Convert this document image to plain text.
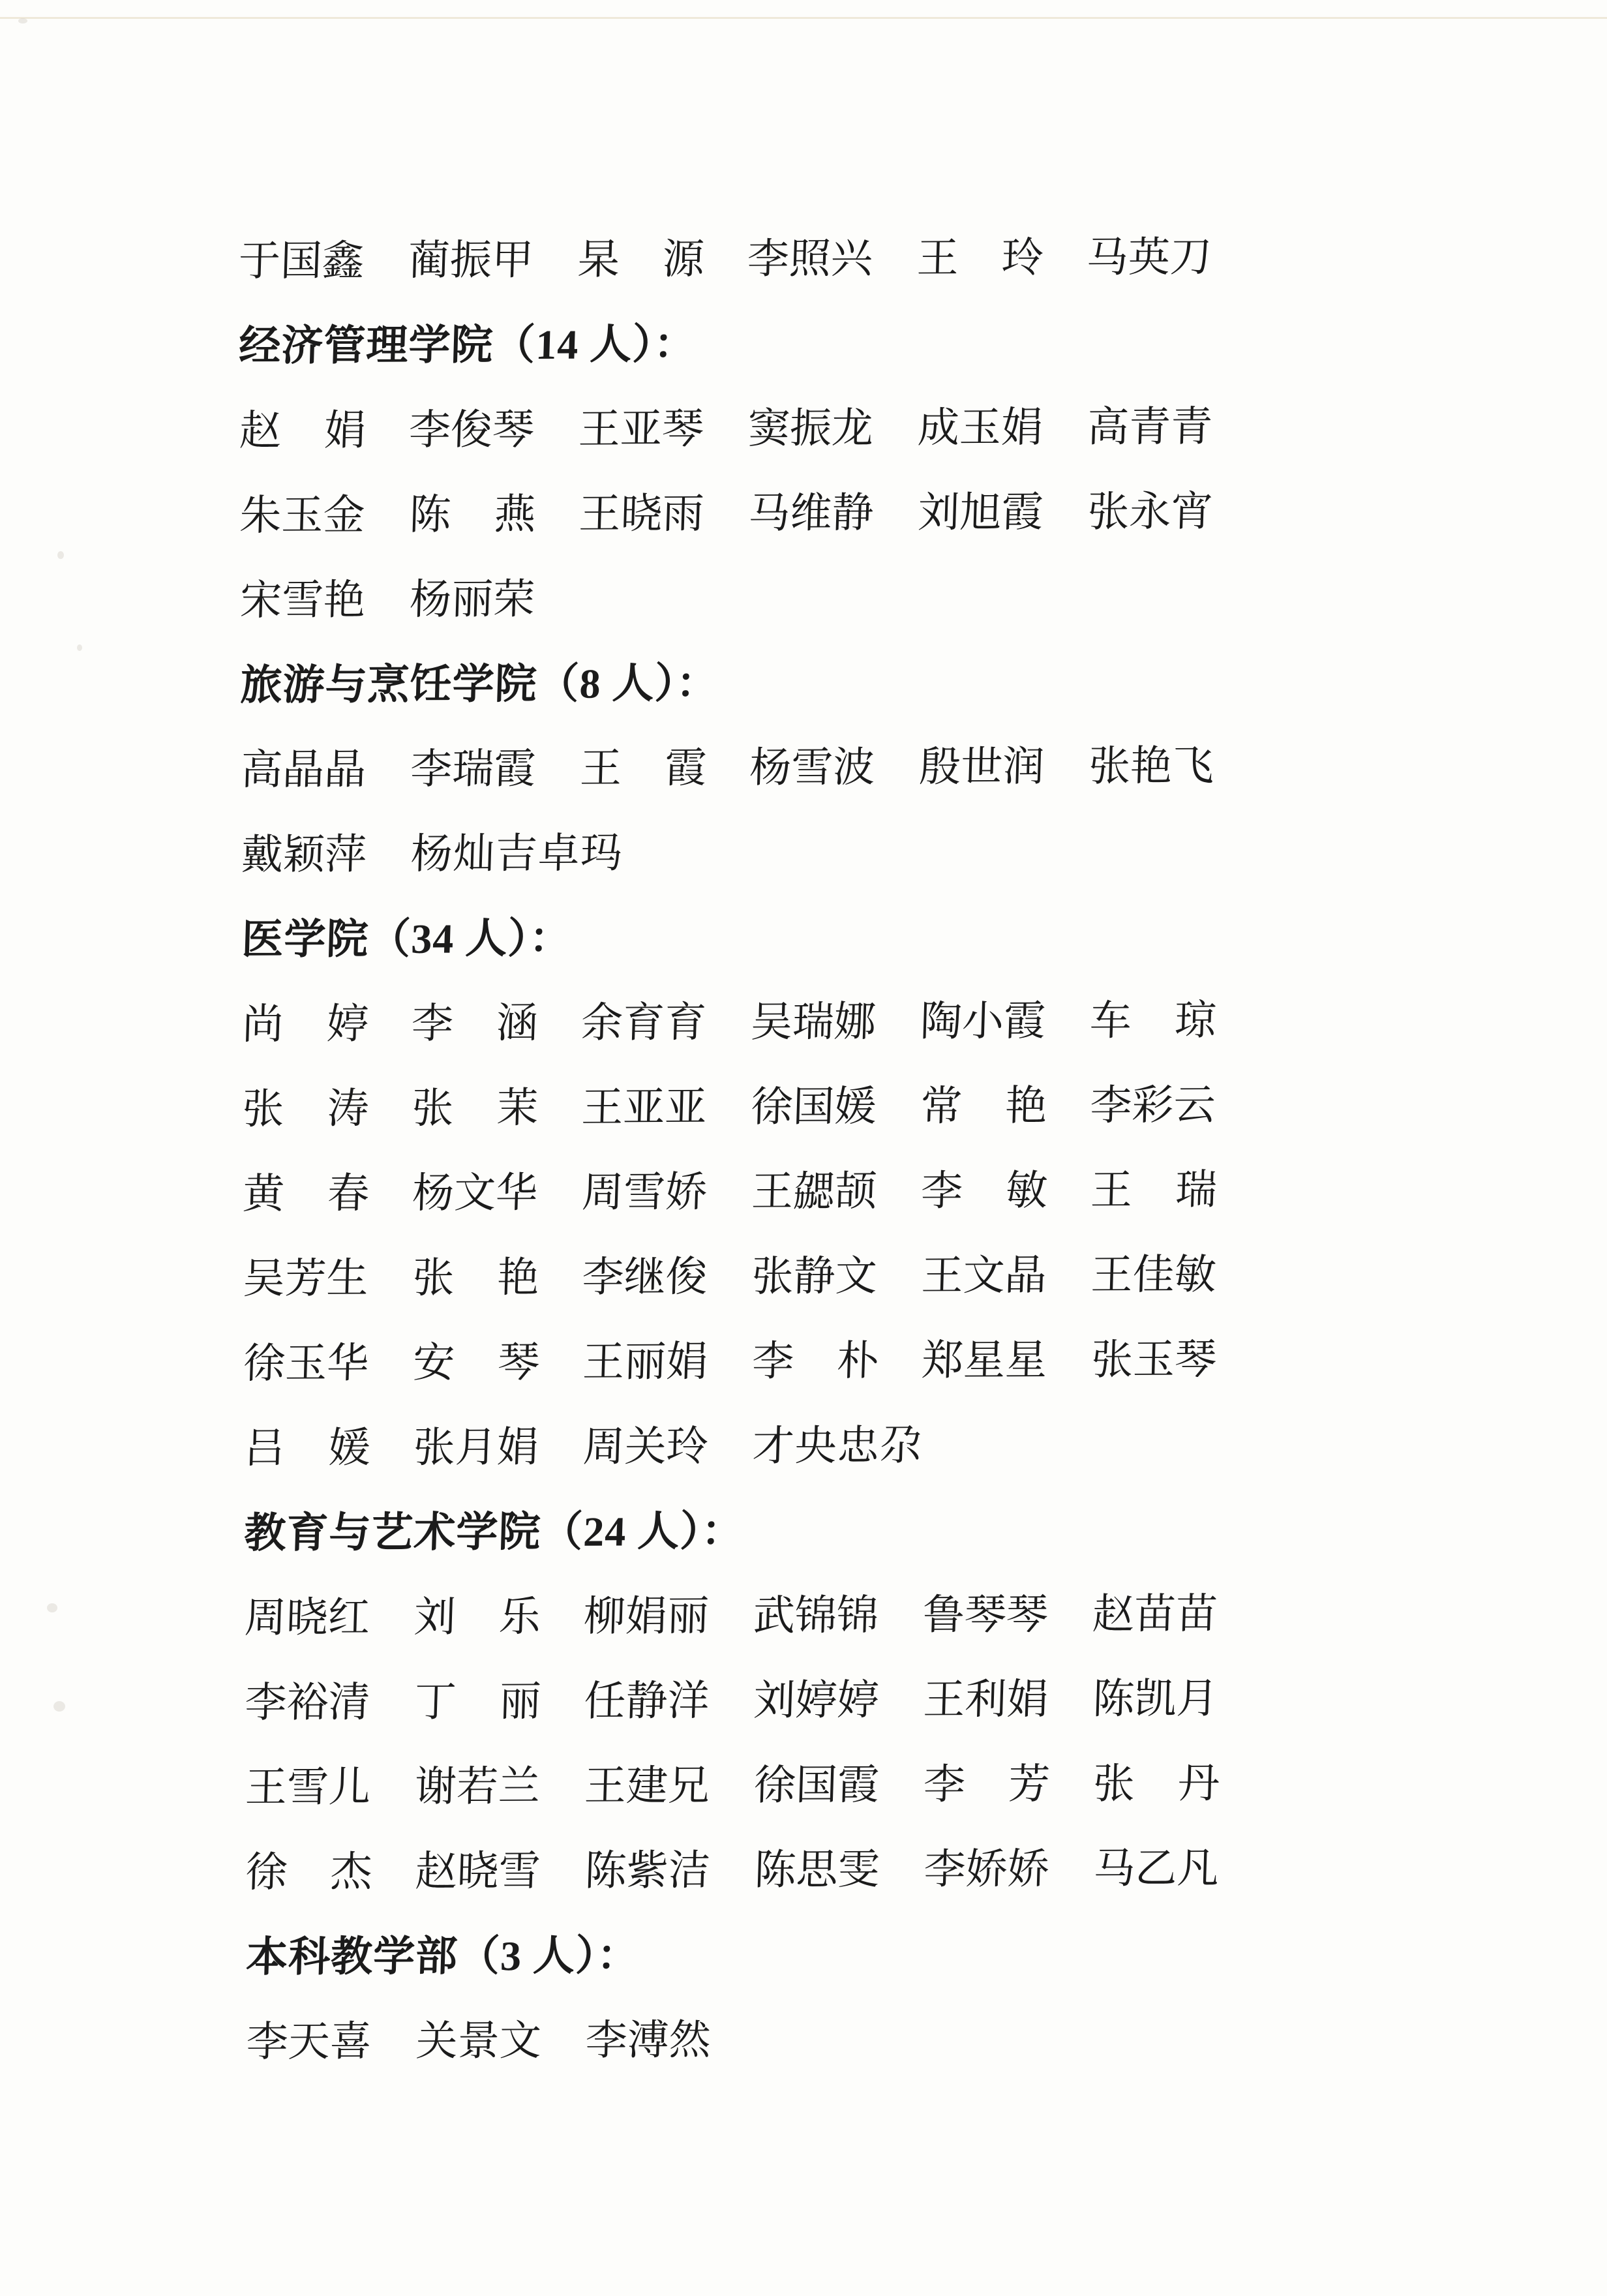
于国鑫 蔺振甲 杲 源 李照兴 王 玲 马英刀
经济管理学院（14 人）：
赵 娟 李俊琴 王亚琴 窦振龙 成玉娟 高青青
朱玉金 陈 燕 王晓雨 马维静 刘旭霞 张永宵
宋雪艳 杨丽荣
旅游与烹饪学院（8 人）：
高晶晶 李瑞霞 王 霞 杨雪波 殷世润 张艳飞
戴颖萍 杨灿吉卓玛
医学院（34 人）：
尚 婷 李 涵 余育育 吴瑞娜 陶小霞 车 琼
张 涛 张 茉 王亚亚 徐国媛 常 艳 李彩云
黄 春 杨文华 周雪娇 王勰颉 李 敏 王 瑞
吴芳生 张 艳 李继俊 张静文 王文晶 王佳敏
徐玉华 安 琴 王丽娟 李 朴 郑星星 张玉琴
吕 媛 张月娟 周关玲 才央忠尕
教育与艺术学院（24 人）：
周晓红 刘 乐 柳娟丽 武锦锦 鲁琴琴 赵苗苗
李裕清 丁 丽 任静洋 刘婷婷 王利娟 陈凯月
王雪儿 谢若兰 王建兄 徐国霞 李 芳 张 丹
徐 杰 赵晓雪 陈紫洁 陈思雯 李娇娇 马乙凡
本科教学部（3 人）：
李天喜 关景文 李溥然
